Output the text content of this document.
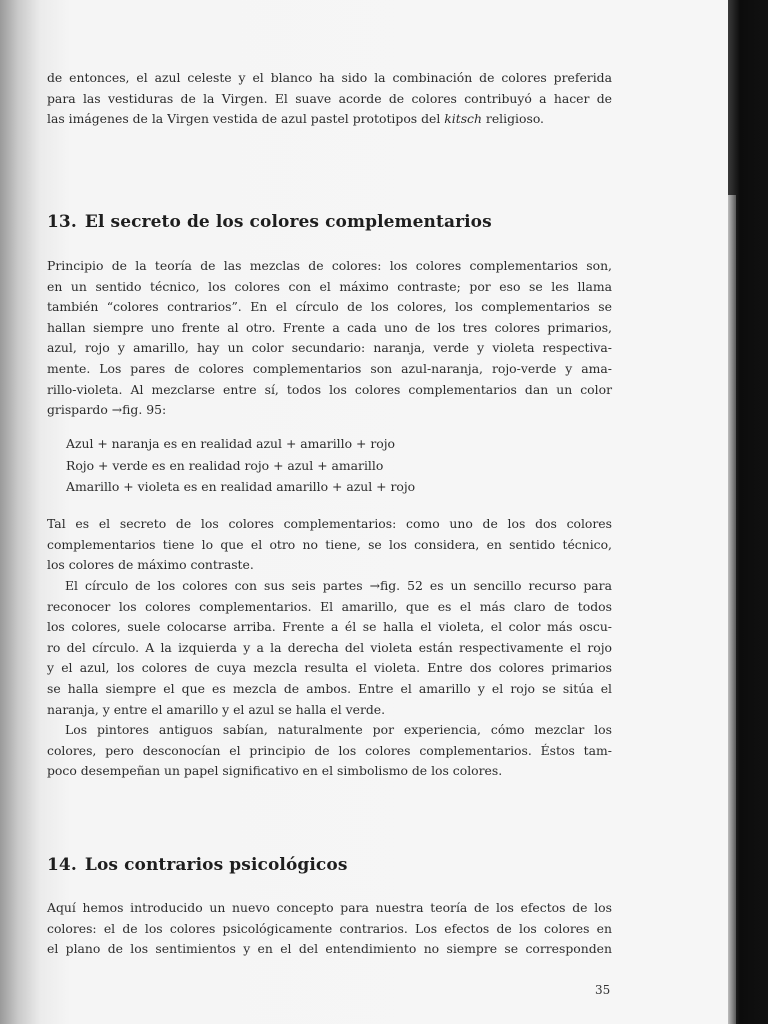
de entonces, el azul celeste y el blanco ha sido la combinación de colores preferida
para las vestiduras de la Virgen. El suave acorde de colores contribuyó a hacer de
las imágenes de la Virgen vestida de azul pastel prototipos del kitsch religioso.

13. El secreto de los colores complementarios

Principio de la teoría de las mezclas de colores: los colores complementarios son,
en un sentido técnico, los colores con el máximo contraste; por eso se les llama
también “colores contrarios”. En el círculo de los colores, los complementarios se
hallan siempre uno frente al otro. Frente a cada uno de los tres colores primarios,
azul, rojo y amarillo, hay un color secundario: naranja, verde y violeta respectiva-
mente. Los pares de colores complementarios son azul-naranja, rojo-verde y ama-
rillo-violeta. Al mezclarse entre sí, todos los colores complementarios dan un color
grispardo →fig. 95:

Azul + naranja es en realidad azul + amarillo + rojo
Rojo + verde es en realidad rojo + azul + amarillo
Amarillo + violeta es en realidad amarillo + azul + rojo

Tal es el secreto de los colores complementarios: como uno de los dos colores
complementarios tiene lo que el otro no tiene, se los considera, en sentido técnico,
los colores de máximo contraste.

El círculo de los colores con sus seis partes →fig. 52 es un sencillo recurso para
reconocer los colores complementarios. El amarillo, que es el más claro de todos
los colores, suele colocarse arriba. Frente a él se halla el violeta, el color más oscu-
ro del círculo. A la izquierda y a la derecha del violeta están respectivamente el rojo
y el azul, los colores de cuya mezcla resulta el violeta. Entre dos colores primarios
se halla siempre el que es mezcla de ambos. Entre el amarillo y el rojo se sitúa el
naranja, y entre el amarillo y el azul se halla el verde.

Los pintores antiguos sabían, naturalmente por experiencia, cómo mezclar los
colores, pero desconocían el principio de los colores complementarios. Éstos tam-
poco desempeñan un papel significativo en el simbolismo de los colores.

14. Los contrarios psicológicos

Aquí hemos introducido un nuevo concepto para nuestra teoría de los efectos de los
colores: el de los colores psicológicamente contrarios. Los efectos de los colores en
el plano de los sentimientos y en el del entendimiento no siempre se corresponden

35
